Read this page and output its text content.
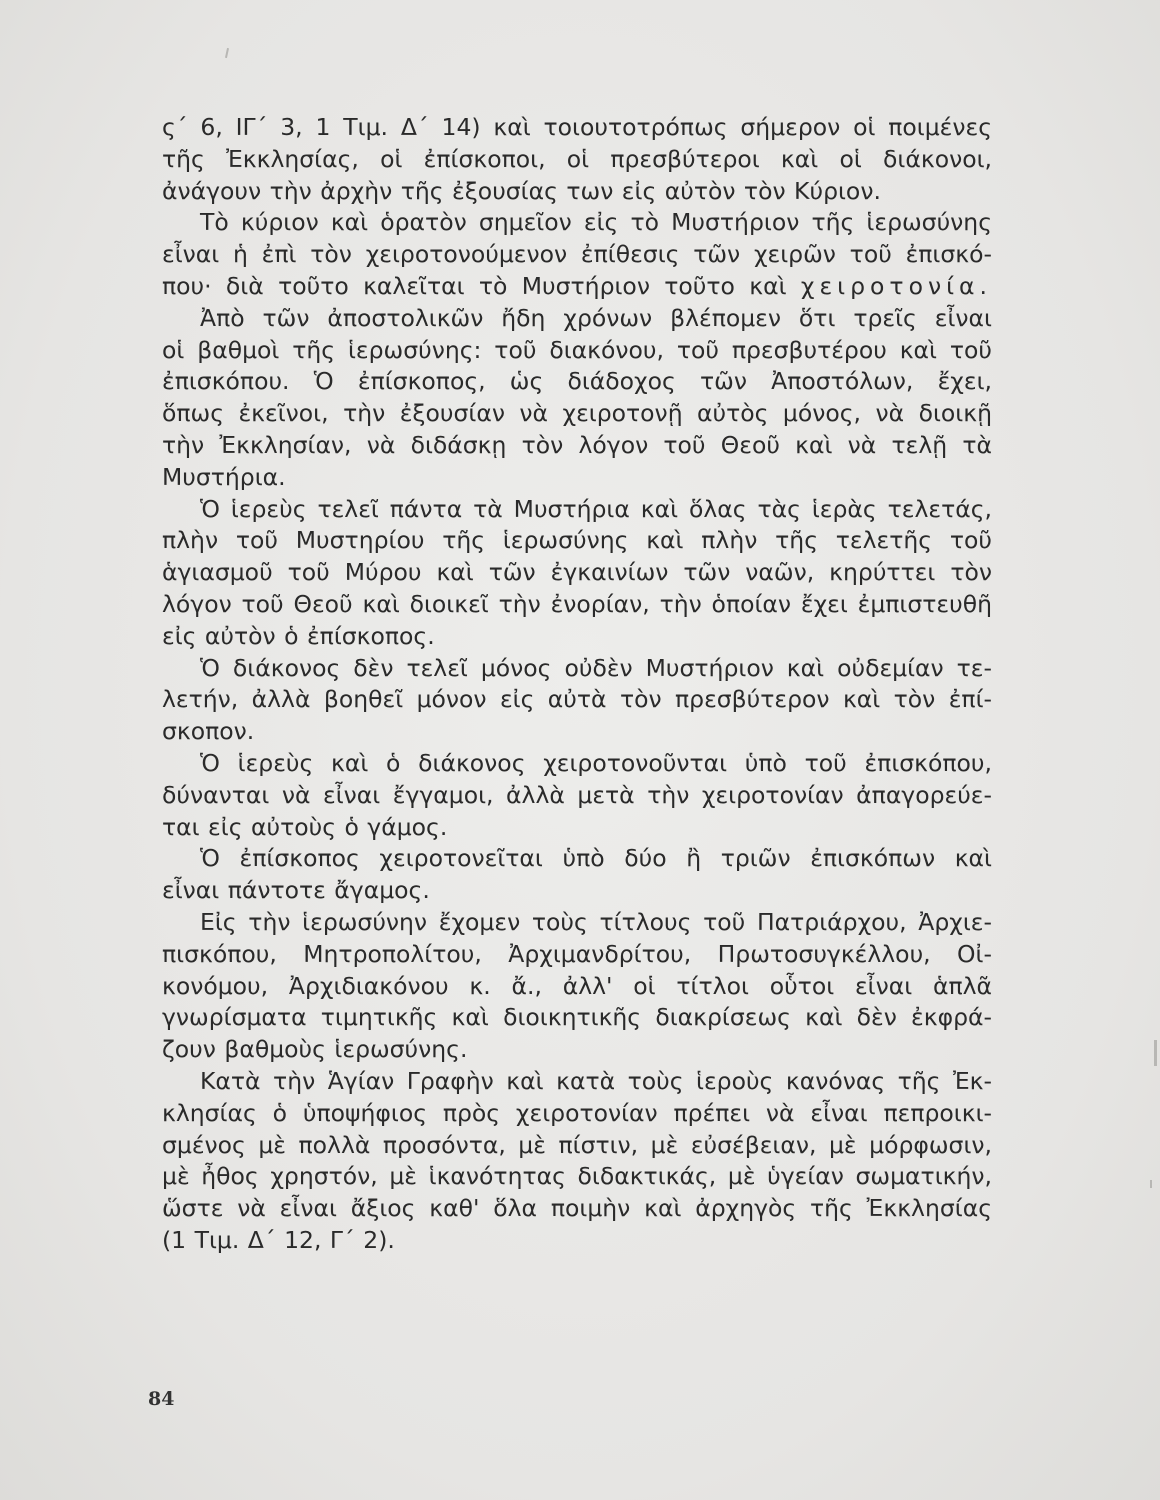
ς΄ 6, ΙΓ΄ 3, 1 Τιμ. Δ΄ 14) καὶ τοιουτοτρόπως σήμερον οἱ ποιμένες
τῆς Ἐκκλησίας, οἱ ἐπίσκοποι, οἱ πρεσβύτεροι καὶ οἱ διάκονοι,
ἀνάγουν τὴν ἀρχὴν τῆς ἐξουσίας των εἰς αὐτὸν τὸν Κύριον.
Τὸ κύριον καὶ ὁρατὸν σημεῖον εἰς τὸ Μυστήριον τῆς ἱερωσύνης
εἶναι ἡ ἐπὶ τὸν χειροτονούμενον ἐπίθεσις τῶν χειρῶν τοῦ ἐπισκό-
που· διὰ τοῦτο καλεῖται τὸ Μυστήριον τοῦτο καὶ χειροτονία.
Ἀπὸ τῶν ἀποστολικῶν ἤδη χρόνων βλέπομεν ὅτι τρεῖς εἶναι
οἱ βαθμοὶ τῆς ἱερωσύνης: τοῦ διακόνου, τοῦ πρεσβυτέρου καὶ τοῦ
ἐπισκόπου. Ὁ ἐπίσκοπος, ὡς διάδοχος τῶν Ἀποστόλων, ἔχει,
ὅπως ἐκεῖνοι, τὴν ἐξουσίαν νὰ χειροτονῇ αὐτὸς μόνος, νὰ διοικῇ
τὴν Ἐκκλησίαν, νὰ διδάσκῃ τὸν λόγον τοῦ Θεοῦ καὶ νὰ τελῇ τὰ
Μυστήρια.
Ὁ ἱερεὺς τελεῖ πάντα τὰ Μυστήρια καὶ ὅλας τὰς ἱερὰς τελετάς,
πλὴν τοῦ Μυστηρίου τῆς ἱερωσύνης καὶ πλὴν τῆς τελετῆς τοῦ
ἁγιασμοῦ τοῦ Μύρου καὶ τῶν ἐγκαινίων τῶν ναῶν, κηρύττει τὸν
λόγον τοῦ Θεοῦ καὶ διοικεῖ τὴν ἐνορίαν, τὴν ὁποίαν ἔχει ἐμπιστευθῆ
εἰς αὐτὸν ὁ ἐπίσκοπος.
Ὁ διάκονος δὲν τελεῖ μόνος οὐδὲν Μυστήριον καὶ οὐδεμίαν τε-
λετήν, ἀλλὰ βοηθεῖ μόνον εἰς αὐτὰ τὸν πρεσβύτερον καὶ τὸν ἐπί-
σκοπον.
Ὁ ἱερεὺς καὶ ὁ διάκονος χειροτονοῦνται ὑπὸ τοῦ ἐπισκόπου,
δύνανται νὰ εἶναι ἔγγαμοι, ἀλλὰ μετὰ τὴν χειροτονίαν ἀπαγορεύε-
ται εἰς αὐτοὺς ὁ γάμος.
Ὁ ἐπίσκοπος χειροτονεῖται ὑπὸ δύο ἢ τριῶν ἐπισκόπων καὶ
εἶναι πάντοτε ἄγαμος.
Εἰς τὴν ἱερωσύνην ἔχομεν τοὺς τίτλους τοῦ Πατριάρχου, Ἀρχιε-
πισκόπου, Μητροπολίτου, Ἀρχιμανδρίτου, Πρωτοσυγκέλλου, Οἰ-
κονόμου, Ἀρχιδιακόνου κ. ἄ., ἀλλ' οἱ τίτλοι οὗτοι εἶναι ἁπλᾶ
γνωρίσματα τιμητικῆς καὶ διοικητικῆς διακρίσεως καὶ δὲν ἐκφρά-
ζουν βαθμοὺς ἱερωσύνης.
Κατὰ τὴν Ἁγίαν Γραφὴν καὶ κατὰ τοὺς ἱεροὺς κανόνας τῆς Ἐκ-
κλησίας ὁ ὑποψήφιος πρὸς χειροτονίαν πρέπει νὰ εἶναι πεπροικι-
σμένος μὲ πολλὰ προσόντα, μὲ πίστιν, μὲ εὐσέβειαν, μὲ μόρφωσιν,
μὲ ἦθος χρηστόν, μὲ ἱκανότητας διδακτικάς, μὲ ὑγείαν σωματικήν,
ὥστε νὰ εἶναι ἄξιος καθ' ὅλα ποιμὴν καὶ ἀρχηγὸς τῆς Ἐκκλησίας
(1 Τιμ. Δ΄ 12, Γ΄ 2).
84
